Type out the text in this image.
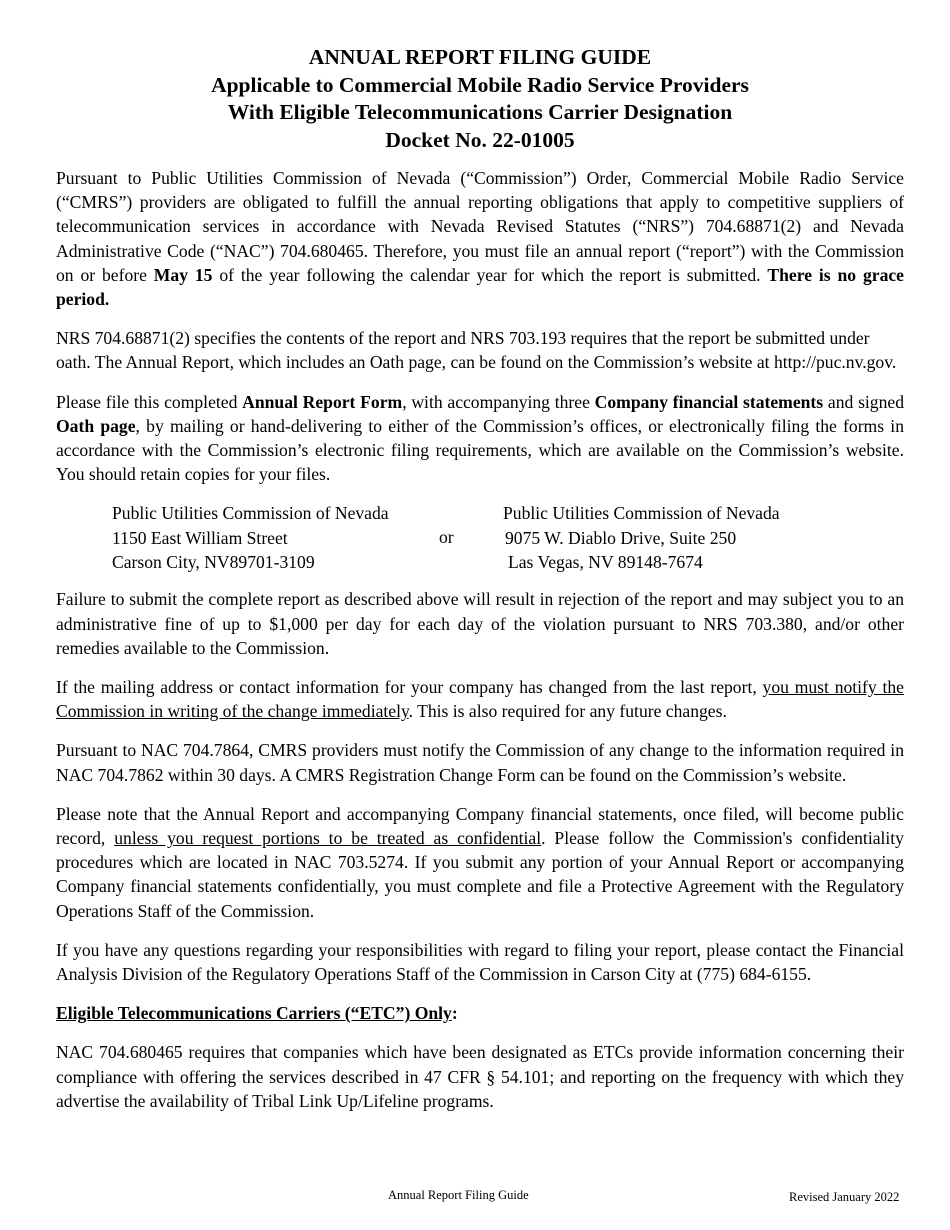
ANNUAL REPORT FILING GUIDE
Applicable to Commercial Mobile Radio Service Providers
With Eligible Telecommunications Carrier Designation
Docket No. 22-01005

Pursuant to Public Utilities Commission of Nevada (“Commission”) Order, Commercial Mobile Radio Service (“CMRS”) providers are obligated to fulfill the annual reporting obligations that apply to competitive suppliers of telecommunication services in accordance with Nevada Revised Statutes (“NRS”) 704.68871(2) and Nevada Administrative Code (“NAC”) 704.680465. Therefore, you must file an annual report (“report”) with the Commission on or before May 15 of the year following the calendar year for which the report is submitted. There is no grace period.

NRS 704.68871(2) specifies the contents of the report and NRS 703.193 requires that the report be submitted under oath. The Annual Report, which includes an Oath page, can be found on the Commission’s website at http://puc.nv.gov.

Please file this completed Annual Report Form, with accompanying three Company financial statements and signed Oath page, by mailing or hand-delivering to either of the Commission’s offices, or electronically filing the forms in accordance with the Commission’s electronic filing requirements, which are available on the Commission’s website. You should retain copies for your files.

Public Utilities Commission of Nevada
1150 East William Street
Carson City, NV89701-3109
or
Public Utilities Commission of Nevada
9075 W. Diablo Drive, Suite 250
Las Vegas, NV 89148-7674

Failure to submit the complete report as described above will result in rejection of the report and may subject you to an administrative fine of up to $1,000 per day for each day of the violation pursuant to NRS 703.380, and/or other remedies available to the Commission.

If the mailing address or contact information for your company has changed from the last report, you must notify the Commission in writing of the change immediately. This is also required for any future changes.

Pursuant to NAC 704.7864, CMRS providers must notify the Commission of any change to the information required in NAC 704.7862 within 30 days. A CMRS Registration Change Form can be found on the Commission’s website.

Please note that the Annual Report and accompanying Company financial statements, once filed, will become public record, unless you request portions to be treated as confidential. Please follow the Commission's confidentiality procedures which are located in NAC 703.5274. If you submit any portion of your Annual Report or accompanying Company financial statements confidentially, you must complete and file a Protective Agreement with the Regulatory Operations Staff of the Commission.

If you have any questions regarding your responsibilities with regard to filing your report, please contact the Financial Analysis Division of the Regulatory Operations Staff of the Commission in Carson City at (775) 684-6155.

Eligible Telecommunications Carriers (“ETC”) Only:

NAC 704.680465 requires that companies which have been designated as ETCs provide information concerning their compliance with offering the services described in 47 CFR § 54.101; and reporting on the frequency with which they advertise the availability of Tribal Link Up/Lifeline programs.

Annual Report Filing Guide	Revised January 2022
